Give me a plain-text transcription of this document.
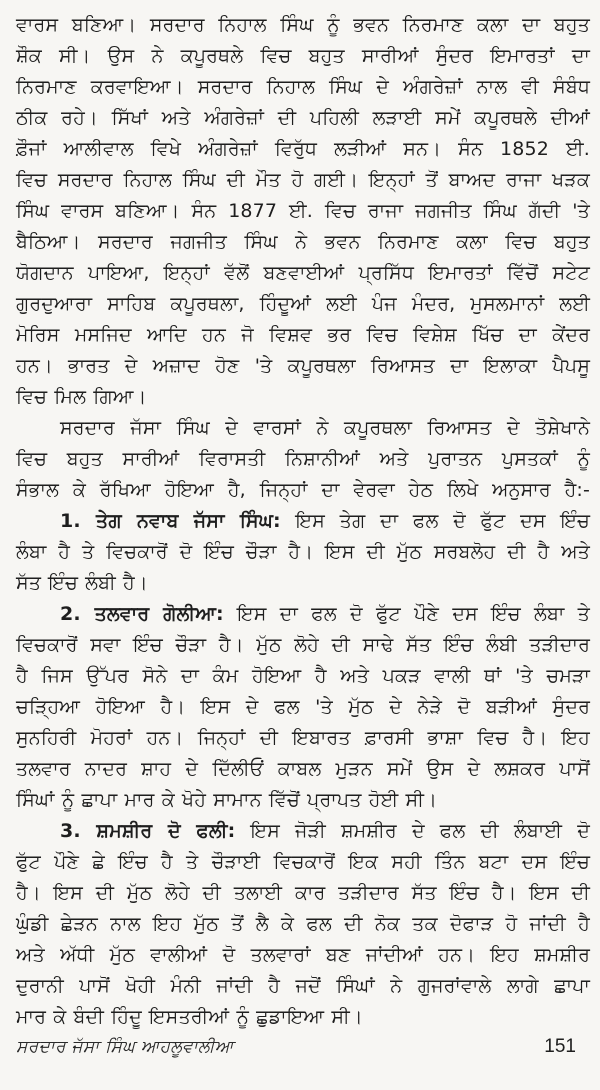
ਵਾਰਸ ਬਣਿਆ। ਸਰਦਾਰ ਨਿਹਾਲ ਸਿੰਘ ਨੂੰ ਭਵਨ ਨਿਰਮਾਣ ਕਲਾ ਦਾ ਬਹੁਤ
ਸ਼ੌਕ ਸੀ। ਉਸ ਨੇ ਕਪੂਰਥਲੇ ਵਿਚ ਬਹੁਤ ਸਾਰੀਆਂ ਸੁੰਦਰ ਇਮਾਰਤਾਂ ਦਾ
ਨਿਰਮਾਣ ਕਰਵਾਇਆ। ਸਰਦਾਰ ਨਿਹਾਲ ਸਿੰਘ ਦੇ ਅੰਗਰੇਜ਼ਾਂ ਨਾਲ ਵੀ ਸੰਬੰਧ
ਠੀਕ ਰਹੇ। ਸਿੱਖਾਂ ਅਤੇ ਅੰਗਰੇਜ਼ਾਂ ਦੀ ਪਹਿਲੀ ਲੜਾਈ ਸਮੇਂ ਕਪੂਰਥਲੇ ਦੀਆਂ
ਫ਼ੌਜਾਂ ਆਲੀਵਾਲ ਵਿਖੇ ਅੰਗਰੇਜ਼ਾਂ ਵਿਰੁੱਧ ਲੜੀਆਂ ਸਨ। ਸੰਨ 1852 ਈ.
ਵਿਚ ਸਰਦਾਰ ਨਿਹਾਲ ਸਿੰਘ ਦੀ ਮੌਤ ਹੋ ਗਈ। ਇਨ੍ਹਾਂ ਤੋਂ ਬਾਅਦ ਰਾਜਾ ਖੜਕ
ਸਿੰਘ ਵਾਰਸ ਬਣਿਆ। ਸੰਨ 1877 ਈ. ਵਿਚ ਰਾਜਾ ਜਗਜੀਤ ਸਿੰਘ ਗੱਦੀ 'ਤੇ
ਬੈਠਿਆ। ਸਰਦਾਰ ਜਗਜੀਤ ਸਿੰਘ ਨੇ ਭਵਨ ਨਿਰਮਾਣ ਕਲਾ ਵਿਚ ਬਹੁਤ
ਯੋਗਦਾਨ ਪਾਇਆ, ਇਨ੍ਹਾਂ ਵੱਲੋਂ ਬਣਵਾਈਆਂ ਪ੍ਰਸਿੱਧ ਇਮਾਰਤਾਂ ਵਿੱਚੋਂ ਸਟੇਟ
ਗੁਰਦੁਆਰਾ ਸਾਹਿਬ ਕਪੂਰਥਲਾ, ਹਿੰਦੂਆਂ ਲਈ ਪੰਜ ਮੰਦਰ, ਮੁਸਲਮਾਨਾਂ ਲਈ
ਮੋਰਿਸ ਮਸਜਿਦ ਆਦਿ ਹਨ ਜੋ ਵਿਸ਼ਵ ਭਰ ਵਿਚ ਵਿਸ਼ੇਸ਼ ਖਿੱਚ ਦਾ ਕੇਂਦਰ
ਹਨ। ਭਾਰਤ ਦੇ ਅਜ਼ਾਦ ਹੋਣ 'ਤੇ ਕਪੂਰਥਲਾ ਰਿਆਸਤ ਦਾ ਇਲਾਕਾ ਪੈਪਸੂ
ਵਿਚ ਮਿਲ ਗਿਆ।
ਸਰਦਾਰ ਜੱਸਾ ਸਿੰਘ ਦੇ ਵਾਰਸਾਂ ਨੇ ਕਪੂਰਥਲਾ ਰਿਆਸਤ ਦੇ ਤੋਸ਼ੇਖਾਨੇ
ਵਿਚ ਬਹੁਤ ਸਾਰੀਆਂ ਵਿਰਾਸਤੀ ਨਿਸ਼ਾਨੀਆਂ ਅਤੇ ਪੁਰਾਤਨ ਪੁਸਤਕਾਂ ਨੂੰ
ਸੰਭਾਲ ਕੇ ਰੱਖਿਆ ਹੋਇਆ ਹੈ, ਜਿਨ੍ਹਾਂ ਦਾ ਵੇਰਵਾ ਹੇਠ ਲਿਖੇ ਅਨੁਸਾਰ ਹੈ:-
1. ਤੇਗ ਨਵਾਬ ਜੱਸਾ ਸਿੰਘ: ਇਸ ਤੇਗ ਦਾ ਫਲ ਦੋ ਫੁੱਟ ਦਸ ਇੰਚ
ਲੰਬਾ ਹੈ ਤੇ ਵਿਚਕਾਰੋਂ ਦੋ ਇੰਚ ਚੌੜਾ ਹੈ। ਇਸ ਦੀ ਮੁੱਠ ਸਰਬਲੋਹ ਦੀ ਹੈ ਅਤੇ
ਸੱਤ ਇੰਚ ਲੰਬੀ ਹੈ।
2. ਤਲਵਾਰ ਗੋਲੀਆ: ਇਸ ਦਾ ਫਲ ਦੋ ਫੁੱਟ ਪੌਣੇ ਦਸ ਇੰਚ ਲੰਬਾ ਤੇ
ਵਿਚਕਾਰੋਂ ਸਵਾ ਇੰਚ ਚੌੜਾ ਹੈ। ਮੁੱਠ ਲੋਹੇ ਦੀ ਸਾਢੇ ਸੱਤ ਇੰਚ ਲੰਬੀ ਤੜੀਦਾਰ
ਹੈ ਜਿਸ ਉੱਪਰ ਸੋਨੇ ਦਾ ਕੰਮ ਹੋਇਆ ਹੈ ਅਤੇ ਪਕੜ ਵਾਲੀ ਥਾਂ 'ਤੇ ਚਮੜਾ
ਚੜ੍ਹਿਆ ਹੋਇਆ ਹੈ। ਇਸ ਦੇ ਫਲ 'ਤੇ ਮੁੱਠ ਦੇ ਨੇੜੇ ਦੋ ਬੜੀਆਂ ਸੁੰਦਰ
ਸੁਨਹਿਰੀ ਮੋਹਰਾਂ ਹਨ। ਜਿਨ੍ਹਾਂ ਦੀ ਇਬਾਰਤ ਫ਼ਾਰਸੀ ਭਾਸ਼ਾ ਵਿਚ ਹੈ। ਇਹ
ਤਲਵਾਰ ਨਾਦਰ ਸ਼ਾਹ ਦੇ ਦਿੱਲੀਓਂ ਕਾਬਲ ਮੁੜਨ ਸਮੇਂ ਉਸ ਦੇ ਲਸ਼ਕਰ ਪਾਸੋਂ
ਸਿੰਘਾਂ ਨੂੰ ਛਾਪਾ ਮਾਰ ਕੇ ਖੋਹੇ ਸਾਮਾਨ ਵਿੱਚੋਂ ਪ੍ਰਾਪਤ ਹੋਈ ਸੀ।
3. ਸ਼ਮਸ਼ੀਰ ਦੋ ਫਲੀ: ਇਸ ਜੋੜੀ ਸ਼ਮਸ਼ੀਰ ਦੇ ਫਲ ਦੀ ਲੰਬਾਈ ਦੋ
ਫੁੱਟ ਪੌਣੇ ਛੇ ਇੰਚ ਹੈ ਤੇ ਚੌੜਾਈ ਵਿਚਕਾਰੋਂ ਇਕ ਸਹੀ ਤਿੰਨ ਬਟਾ ਦਸ ਇੰਚ
ਹੈ। ਇਸ ਦੀ ਮੁੱਠ ਲੋਹੇ ਦੀ ਤਲਾਈ ਕਾਰ ਤੜੀਦਾਰ ਸੱਤ ਇੰਚ ਹੈ। ਇਸ ਦੀ
ਘੁੰਡੀ ਛੇੜਨ ਨਾਲ ਇਹ ਮੁੱਠ ਤੋਂ ਲੈ ਕੇ ਫਲ ਦੀ ਨੋਕ ਤਕ ਦੋਫਾੜ ਹੋ ਜਾਂਦੀ ਹੈ
ਅਤੇ ਅੱਧੀ ਮੁੱਠ ਵਾਲੀਆਂ ਦੋ ਤਲਵਾਰਾਂ ਬਣ ਜਾਂਦੀਆਂ ਹਨ। ਇਹ ਸ਼ਮਸ਼ੀਰ
ਦੁਰਾਨੀ ਪਾਸੋਂ ਖੋਹੀ ਮੰਨੀ ਜਾਂਦੀ ਹੈ ਜਦੋਂ ਸਿੰਘਾਂ ਨੇ ਗੁਜਰਾਂਵਾਲੇ ਲਾਗੇ ਛਾਪਾ
ਮਾਰ ਕੇ ਬੰਦੀ ਹਿੰਦੂ ਇਸਤਰੀਆਂ ਨੂੰ ਛੁਡਾਇਆ ਸੀ।
ਸਰਦਾਰ ਜੱਸਾ ਸਿੰਘ ਆਹਲੂਵਾਲੀਆ	151
